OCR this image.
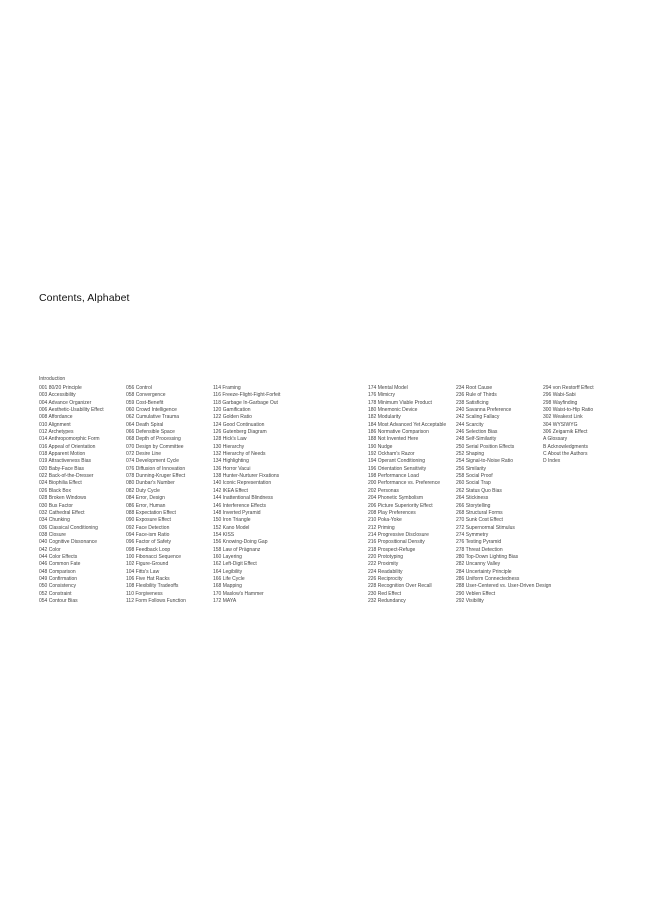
Contents, Alphabet
Introduction
001 80/20 Principle
003 Accessibility
004 Advance Organizer
006 Aesthetic-Usability Effect
008 Affordance
010 Alignment
012 Archetypes
014 Anthropomorphic Form
016 Appeal of Orientation
018 Apparent Motion
019 Attractiveness Bias
020 Baby-Face Bias
022 Back-of-the-Dresser
024 Biophilia Effect
026 Black Box
028 Broken Windows
030 Bus Factor
032 Cathedral Effect
034 Chunking
036 Classical Conditioning
038 Closure
040 Cognitive Dissonance
042 Color
044 Color Effects
046 Common Fate
048 Comparison
049 Confirmation
050 Consistency
052 Constraint
054 Contour Bias
056 Control
058 Convergence
059 Cost-Benefit
060 Crowd Intelligence
062 Cumulative Trauma
064 Death Spiral
066 Defensible Space
068 Depth of Processing
070 Design by Committee
072 Desire Line
074 Development Cycle
076 Diffusion of Innovation
078 Dunning-Kruger Effect
080 Dunbar's Number
082 Duty Cycle
084 Error, Design
086 Error, Human
088 Expectation Effect
090 Exposure Effect
092 Face Detection
094 Face-ism Ratio
096 Factor of Safety
098 Feedback Loop
100 Fibonacci Sequence
102 Figure-Ground
104 Fitts's Law
106 Five Hat Racks
108 Flexibility Tradeoffs
110 Forgiveness
112 Form Follows Function
114 Framing
116 Freeze-Flight-Fight-Forfeit
118 Garbage In-Garbage Out
120 Gamification
122 Golden Ratio
124 Good Continuation
126 Gutenberg Diagram
128 Hick's Law
130 Hierarchy
132 Hierarchy of Needs
134 Highlighting
136 Horror Vacui
138 Hunter-Nurturer Fixations
140 Iconic Representation
142 IKEA Effect
144 Inattentional Blindness
146 Interference Effects
148 Inverted Pyramid
150 Iron Triangle
152 Kano Model
154 KISS
156 Knowing-Doing Gap
158 Law of Prägnanz
160 Layering
162 Left-Digit Effect
164 Legibility
166 Life Cycle
168 Mapping
170 Maslow's Hammer
172 MAYA
174 Mental Model
176 Mimicry
178 Minimum Viable Product
180 Mnemonic Device
182 Modularity
184 Most Advanced Yet Acceptable
186 Normative Comparison
188 Not Invented Here
190 Nudge
192 Ockham's Razor
194 Operant Conditioning
196 Orientation Sensitivity
198 Performance Load
200 Performance vs. Preference
202 Personas
204 Phonetic Symbolism
206 Picture Superiority Effect
208 Play Preferences
210 Poka-Yoke
212 Priming
214 Progressive Disclosure
216 Propositional Density
218 Prospect-Refuge
220 Prototyping
222 Proximity
224 Readability
226 Reciprocity
228 Recognition Over Recall
230 Red Effect
232 Redundancy
234 Root Cause
236 Rule of Thirds
238 Satisficing
240 Savanna Preference
242 Scaling Fallacy
244 Scarcity
246 Selection Bias
248 Self-Similarity
250 Serial Position Effects
252 Shaping
254 Signal-to-Noise Ratio
256 Similarity
258 Social Proof
260 Social Trap
262 Status Quo Bias
264 Stickiness
266 Storytelling
268 Structural Forms
270 Sunk Cost Effect
272 Supernormal Stimulus
274 Symmetry
276 Testing Pyramid
278 Threat Detection
280 Top-Down Lighting Bias
282 Uncanny Valley
284 Uncertainty Principle
286 Uniform Connectedness
288 User-Centered vs. User-Driven Design
290 Veblen Effect
292 Visibility
294 von Restorff Effect
296 Wabi-Sabi
298 Wayfinding
300 Waist-to-Hip Ratio
302 Weakest Link
304 WYSIWYG
306 Zeigarnik Effect
A Glossary
B Acknowledgments
C About the Authors
D Index
